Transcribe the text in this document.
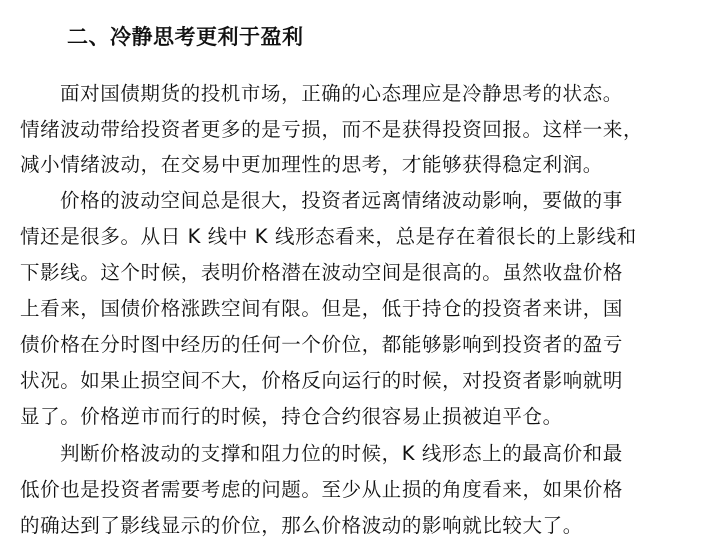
二、冷静思考更利于盈利
面对国债期货的投机市场，正确的心态理应是冷静思考的状态。
情绪波动带给投资者更多的是亏损，而不是获得投资回报。这样一来，
减小情绪波动，在交易中更加理性的思考，才能够获得稳定利润。
价格的波动空间总是很大，投资者远离情绪波动影响，要做的事
情还是很多。从日 K 线中 K 线形态看来，总是存在着很长的上影线和
下影线。这个时候，表明价格潜在波动空间是很高的。虽然收盘价格
上看来，国债价格涨跌空间有限。但是，低于持仓的投资者来讲，国
债价格在分时图中经历的任何一个价位，都能够影响到投资者的盈亏
状况。如果止损空间不大，价格反向运行的时候，对投资者影响就明
显了。价格逆市而行的时候，持仓合约很容易止损被迫平仓。
判断价格波动的支撑和阻力位的时候，K 线形态上的最高价和最
低价也是投资者需要考虑的问题。至少从止损的角度看来，如果价格
的确达到了影线显示的价位，那么价格波动的影响就比较大了。
